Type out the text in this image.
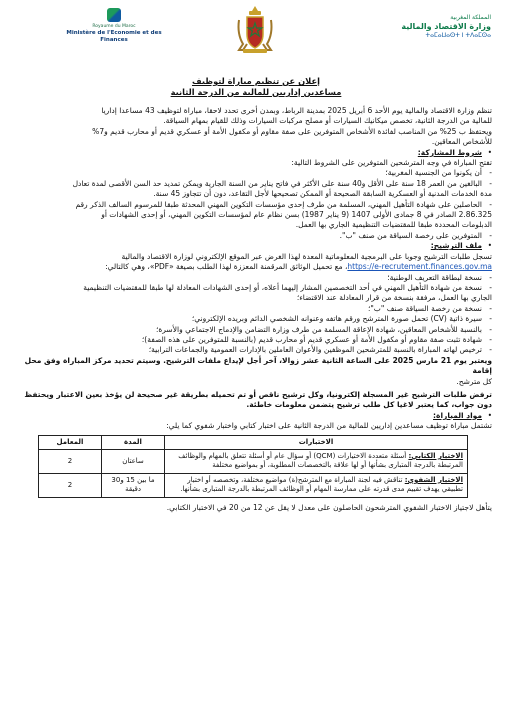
Royaume du Maroc
Ministère de l'Economie et des Finances
المملكة المغربية
وزارة الاقتصاد والمالية
ⵜⴰⵎⴰⵡⴰⵙⵜ ⵏ ⵜⴷⴰⵎⵙⴰ
إعلان عن تنظيم مباراة لتوظيف
مساعدين إداريين للمالية من الدرجة الثانية

تنظم وزارة الاقتصاد والمالية يوم الأحد 6 أبريل 2025 بمدينة الرباط، وبمدن أخرى تحدد لاحقا، مباراة لتوظيف 43 مساعدا إداريا

للمالية من الدرجة الثانية، تخصص ميكانيك السيارات أو مصلح مركبات السيارات وذلك للقيام بمهام السياقة.

ويحتفظ ب 25% من المناصب لفائدة الأشخاص المتوفرين على صفة مقاوم أو مكفول الأمة أو عسكري قديم أو محارب قديم و7%

للأشخاص المعاقين.

• شروط المشاركة:

تفتح المباراة في وجه المترشحين المتوفرين على الشروط التالية:

- أن يكونوا من الجنسية المغربية؛

- البالغين من العمر 18 سنة على الأقل و40 سنة على الأكثر في فاتح يناير من السنة الجارية ويمكن تمديد حد السن الأقصى لمدة تعادل

مدة الخدمات المدنية أو العسكرية السابقة الصحيحة أو الممكن تصحيحها لأجل التقاعد، دون أن تتجاوز 45 سنة.

- الحاصلين على شهادة التأهيل المهني، المسلمة من طرف إحدى مؤسسات التكوين المهني المحدثة طبقا للمرسوم السالف الذكر رقم

2.86.325 الصادر في 8 جمادى الأولى 1407 (9 يناير 1987) بسن نظام عام لمؤسسات التكوين المهني، أو إحدى الشهادات أو

الدبلومات المحددة طبقا للمقتضيات التنظيمية الجاري بها العمل.

- المتوفرين على رخصة السياقة من صنف "ب".

• ملف الترشيح:

تسجل طلبات الترشيح وجوبا على البرمجية المعلوماتية المعدة لهذا الغرض عبر الموقع الإلكتروني لوزارة الاقتصاد والمالية

https://e-recrutement.finances.gov.ma، مع تحميل الوثائق المرقمنة المعززة لهذا الطلب بصيغة «PDF»، وهي كالتالي:

- نسخة لبطاقة التعريف الوطنية؛

- نسخة من شهادة التأهيل المهني في أحد التخصصين المشار إليهما أعلاه، أو إحدى الشهادات المعادلة لها طبقا للمقتضيات التنظيمية

الجاري بها العمل، مرفقة بنسخة من قرار المعادلة عند الاقتضاء؛

- نسخة من رخصة السياقة صنف "ب"؛

- سيرة ذاتية (CV) تحمل صورة المترشح ورقم هاتفه وعنوانه الشخصي الدائم وبريده الإلكتروني؛

- بالنسبة للأشخاص المعاقين، شهادة الإعاقة المسلمة من طرف وزارة التضامن والإدماج الاجتماعي والأسرة؛

- شهادة تثبت صفة مقاوم أو مكفول الأمة أو عسكري قديم أو محارب قديم (بالنسبة للمتوفرين على هذه الصفة)؛

- ترخيص لهاته المباراة بالنسبة للمترشحين الموظفين والأعوان العاملين بالإدارات العمومية والجماعات الترابية؛

ويعتبر يوم 21 مارس 2025 على الساعة الثانية عشر زوالا، آخر أجل لإيداع ملفات الترشيح. وسيتم تحديد مركز المباراة وفق محل إقامة

كل مترشح.

ترفض طلبات الترشيح غير المسجلة إلكترونيا، وكل ترشيح ناقص أو تم تحميله بطريقة غير صحيحة لن يؤخذ بعين الاعتبار ويحتفظ

دون جواب، كما يعتبر لاغيا كل طلب ترشيح يتضمن معلومات خاطئة.

• مواد المباراة:

تشتمل مباراة توظيف مساعدين إداريين للمالية من الدرجة الثانية على اختبار كتابي واختبار شفوي كما يلي:

الاختبارات	المدة	المعامل
الاختبار الكتابي: أسئلة متعددة الاختيارات (QCM) أو سؤال عام أو أسئلة تتعلق بالمهام والوظائف المرتبطة بالدرجة المتبارى بشأنها أو لها علاقة بالتخصصات المطلوبة، أو بمواضيع مختلفة	ساعتان	2
الاختبار الشفوي: تناقش فيه لجنة المباراة مع المترشح(ة) مواضيع مختلفة، وتخصصه أو اختبار تطبيقي يهدف تقييم مدى قدرته على ممارسة المهام أو الوظائف المرتبطة بالدرجة المتبارى بشأنها.	ما بين 15 و30 دقيقة	2

يتأهل لاجتياز الاختبار الشفوي المترشحون الحاصلون على معدل لا يقل عن 12 من 20 في الاختبار الكتابي.
